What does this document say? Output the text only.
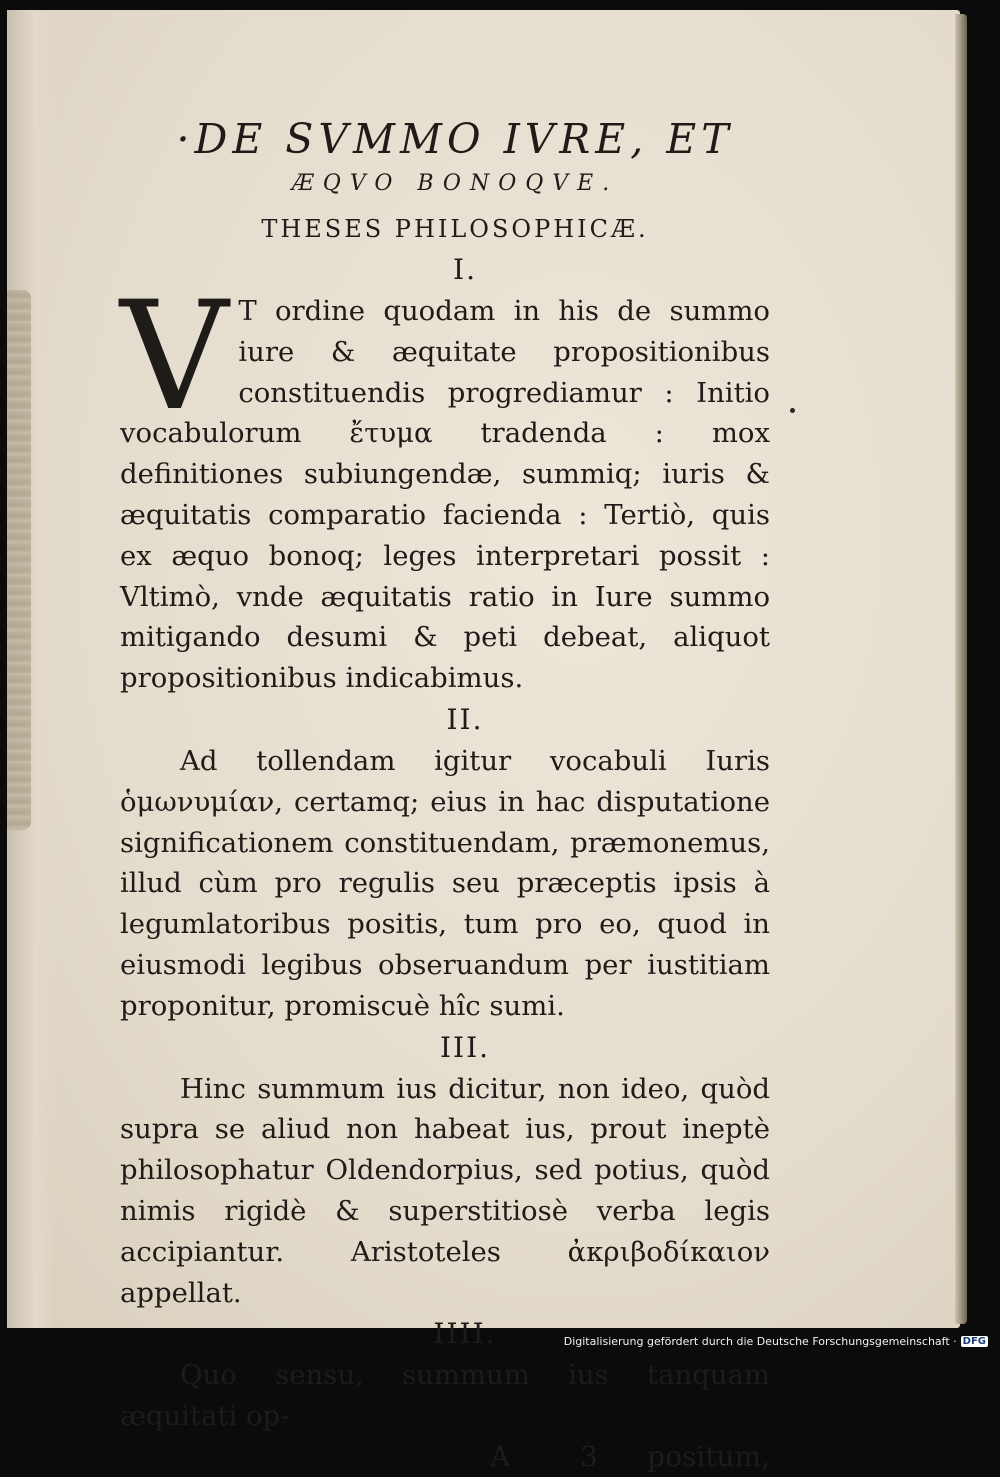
·DE SVMMO IVRE, ET
ÆQVO BONOQVE.
THESES PHILOSOPHICÆ.
I.
V T ordine quodam in his de summo iure & æquitate propositionibus constituendis progrediamur : Initio vocabulorum ἔτυμα tradenda : mox definitiones subiungendæ, summiq; iuris & æquitatis comparatio facienda : Tertiò, quis ex æquo bonoq; leges interpretari possit : Vltimò, vnde æquitatis ratio in Iure summo mitigando desumi & peti debeat, aliquot propositionibus indicabimus.
II.
Ad tollendam igitur vocabuli Iuris ὁμωνυμίαν, certamq; eius in hac disputatione significationem constituendam, præmonemus, illud cùm pro regulis seu præceptis ipsis à legumlatoribus positis, tum pro eo, quod in eiusmodi legibus obseruandum per iustitiam proponitur, promiscuè hîc sumi.
III.
Hinc summum ius dicitur, non ideo, quòd supra se aliud non habeat ius, prout ineptè philosophatur Oldendorpius, sed potius, quòd nimis rigidè & superstitiosè verba legis accipiantur. Aristoteles ἀκριβοδίκαιον appellat.
IIII.
Quo sensu, summum ius tanquam æquitati op-
A 3 positum,
Digitalisierung gefördert durch die Deutsche Forschungsgemeinschaft · DFG
